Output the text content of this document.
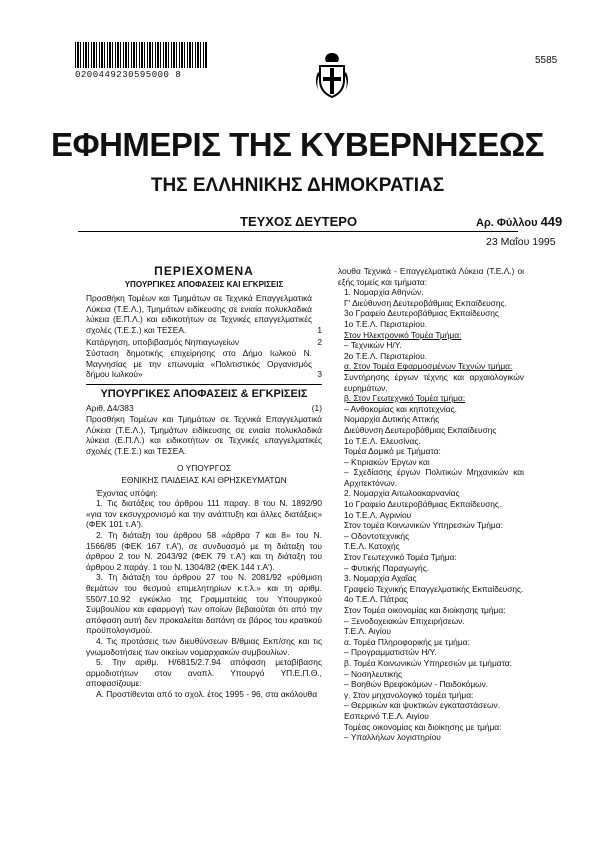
0200449230595000 8
5585
ΕΦΗΜΕΡΙΣ ΤΗΣ ΚΥΒΕΡΝΗΣΕΩΣ
ΤΗΣ ΕΛΛΗΝΙΚΗΣ ΔΗΜΟΚΡΑΤΙΑΣ
ΤΕΥΧΟΣ ΔΕΥΤΕΡΟ	Αρ. Φύλλου 449
23 Μαΐου 1995
ΠΕΡΙΕΧΟΜΕΝΑ
ΥΠΟΥΡΓΙΚΕΣ ΑΠΟΦΑΣΕΙΣ ΚΑΙ ΕΓΚΡΙΣΕΙΣ
Προσθήκη Τομέων και Τμημάτων σε Τεχνικά Επαγγελματικά Λύκεια (Τ.Ε.Λ.), Τμημάτων ειδίκευσης σε ενιαία πολυκλαδικά λύκεια (Ε.Π.Λ.) και ειδικοτήτων σε Τεχνικές επαγγελματικές σχολές (Τ.Ε.Σ.) και ΤΕΣΕΑ.	1
Κατάργηση, υποβιβασμός Νηπιαγωγείων	2
Σύσταση δημοτικής επιχείρησης στο Δήμο Ιωλκού Ν. Μαγνησίας με την επωνυμία «Πολιτιστικός Οργανισμός δήμου Ιωλκού»	3
ΥΠΟΥΡΓΙΚΕΣ ΑΠΟΦΑΣΕΙΣ & ΕΓΚΡΙΣΕΙΣ
Αριθ. Δ4/383	(1)

Προσθήκη Τομέων και Τμημάτων σε Τεχνικά Επαγγελματικά Λύκεια (Τ.Ε.Λ.), Τμημάτων ειδίκευσης σε ενιαία πολυκλαδικά λύκεια (Ε.Π.Λ.) και ειδικοτήτων σε Τεχνικές επαγγελματικές σχολές (Τ.Ε.Σ.) και ΤΕΣΕΑ.

Ο ΥΠΟΥΡΓΟΣ

ΕΘΝΙΚΗΣ ΠΑΙΔΕΙΑΣ ΚΑΙ ΘΡΗΣΚΕΥΜΑΤΩΝ

Έχοντας υπόψη:

1. Τις διατάξεις του άρθρου 111 παραγ. 8 του Ν. 1892/90 «για τον εκσυγχρονισμό και την ανάπτυξη και άλλες διατάξεις» (ΦΕΚ 101 τ.Α').

2. Τη διάταξη του άρθρου 58 «άρθρα 7 και 8» του Ν. 1566/85 (ΦΕΚ 167 τ.Α'), σε συνδυασμό με τη διάταξη του άρθρου 2 του Ν. 2043/92 (ΦΕΚ 79 τ.Α') και τη διάταξη του άρθρου 2 παράγ. 1 του Ν. 1304/82 (ΦΕΚ 144 τ.Α').

3. Τη διάταξη του άρθρου 27 του Ν. 2081/92 «ρύθμιση θεμάτων του θεσμού επιμελητηρίων κ.τ.λ.» και τη αριθμ. 550/7.10.92 εγκύκλιο της Γραμματείας του Υπουργικού Συμβουλίου και εφαρμογή των οποίων βεβαιούται ότι από την απόφαση αυτή δεν προκαλείται δαπάνη σε βάρος του κρατικού προϋπολογισμού.

4. Τις προτάσεις των διευθύνσεων Β/θμιας Εκπ/σης και τις γνωμοδοτήσεις των οικείων νομαρχιακών συμβουλίων.

5. Την αριθμ. Η/6815/2.7.94 απόφαση μεταβίβασης αρμοδιοτήτων στον αναπλ. Υπουργό ΥΠ.Ε.Π.Θ., αποφασίζουμε:

Α. Προστίθενται από το σχολ. έτος 1995 - 96, στα ακόλουθα

λουθα Τεχνικά - Επαγγελματικά Λύκεια (Τ.Ε.Λ.) οι εξής τομείς και τμήματα:

1. Νομαρχία Αθηνών.

Γ' Διεύθυνση Δευτεροβάθμιας Εκπαίδευσης.

3ο Γραφείο Δευτεροβάθμιας Εκπαίδευσης

1ο Τ.Ε.Λ. Περιστερίου.

Στον Ηλεκτρονικό Τομέα Τμήμα:

– Τεχνικών Η/Υ.

2ο Τ.Ε.Λ. Περιστερίου.

α. Στον Τομέα Εφαρμοσμένων Τεχνών τμήμα:

Συντήρησης έργων τέχνης και αρχαιολογικών ευρημάτων.

β. Στον Γεωτεχνικό Τομέα τμήμα:

– Ανθοκομίας και κηποτεχνίας.

Νομαρχία Δυτικής Αττικής

Διεύθυνση Δευτεροβάθμιας Εκπαίδευσης

1ο Τ.Ε.Λ. Ελευσίνας.

Τομέα Δομικό με Τμήματα:

– Κτιριακών Έργων και

– Σχεδίασης έργων Πολιτικών Μηχανικών και Αρχιτεκτόνων.

2. Νομαρχία Αιτωλοακαρνανίας

1ο Γραφείο Δευτεροβάθμιας Εκπαίδευσης.

1ο Τ.Ε.Λ. Αγρινίου

Στον τομέα Κοινωνικών Υπηρεσιών Τμήμα:

– Οδοντοτεχνικής

Τ.Ε.Λ. Κατοχής

Στον Γεωτεχνικό Τομέα Τμήμα:

– Φυτικής Παραγωγής.

3. Νομαρχία Αχαΐας

Γραφείο Τεχνικής Επαγγελματικής Εκπαίδευσης.

4ο Τ.Ε.Λ. Πάτρας

Στον Τομέα οικονομίας και διοίκησης τμήμα:

– Ξενοδοχειακών Επιχειρήσεων.

Τ.Ε.Λ. Αιγίου

α. Τομέα Πληροφορικής με τμήμα:

– Προγραμματιστών Η/Υ.

β. Τομέα Κοινωνικών Υπηρεσιών με τμήματα:

– Νοσηλευτικής

– Βοηθών Βρεφοκόμων - Παιδοκόμων.

γ. Στον μηχανολογικό τομέα τμήμα:

– Θερμικών και ψυκτικών εγκαταστάσεων.

Εσπερινό Τ.Ε.Λ. Αιγίου

Τομέας οικονομίας και διοίκησης με τμήμα:

– Υπαλλήλων λογιστηρίου
